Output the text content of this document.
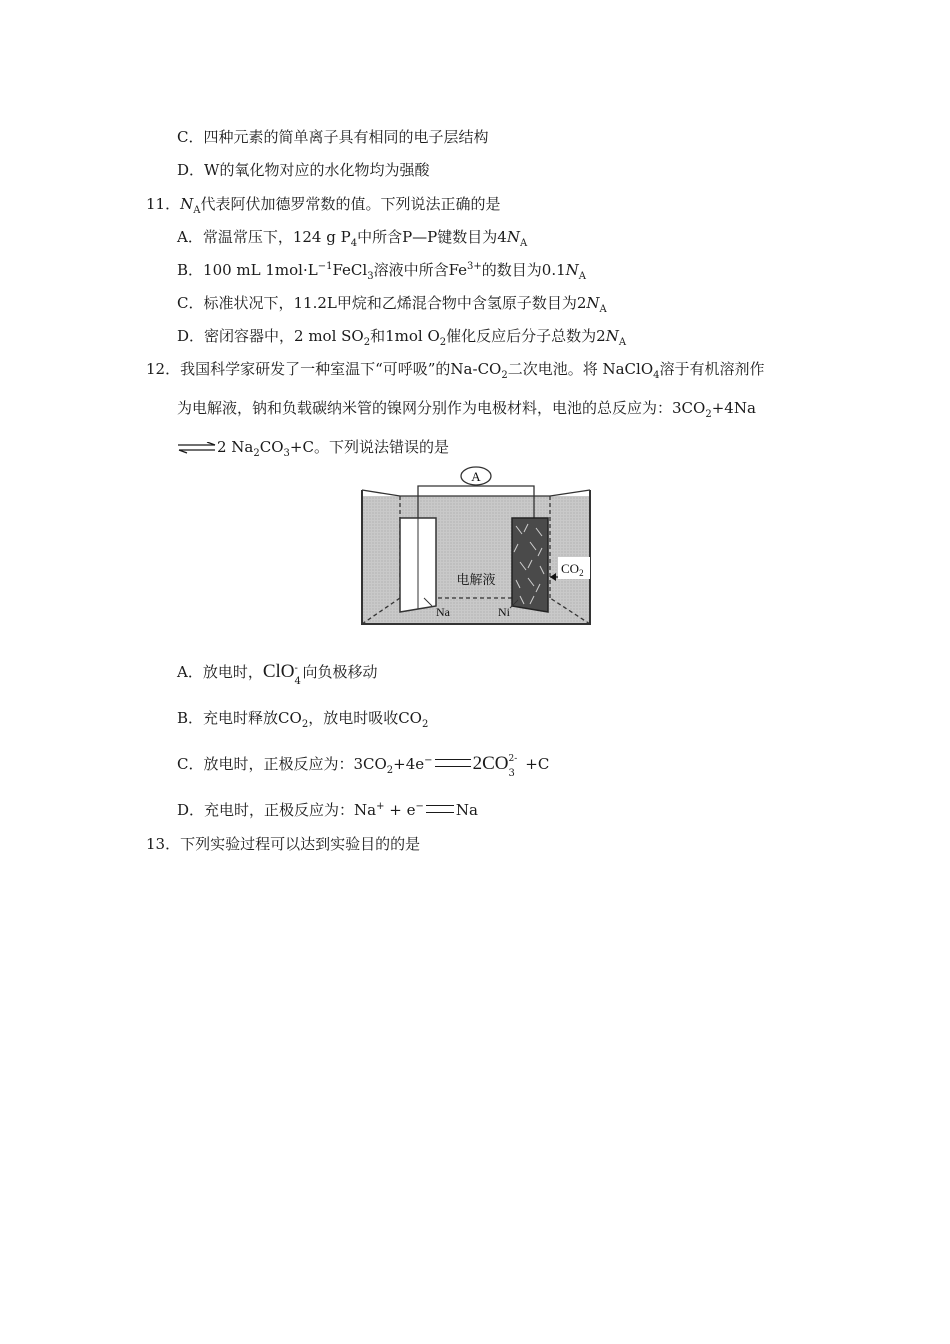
C．四种元素的简单离子具有相同的电子层结构
D．W的氧化物对应的水化物均为强酸
11．$N_A$代表阿伏加德罗常数的值。下列说法正确的是
A．常温常压下，124 g $P_4$中所含P—P键数目为$4N_A$
B．100 mL $1mol\cdot L^{-1}FeCl_3$溶液中所含$Fe^{3+}$的数目为$0.1N_A$
C．标准状况下，11.2L甲烷和乙烯混合物中含氢原子数目为$2N_A$
D．密闭容器中，2 mol $SO_2$和1mol $O_2$催化反应后分子总数为$2N_A$
12．我国科学家研发了一种室温下“可呼吸”的$Na-CO_2$二次电池。将 NaClO$_4$溶于有机溶剂作
为电解液，钠和负载碳纳米管的镍网分别作为电极材料，电池的总反应为：$3CO_2+4Na$
⇌2 $Na_2CO_3+C$。下列说法错误的是
A
电解液
Na	Ni
$CO_2$
A．放电时，ClO -
4
向负极移动
B．充电时释放$CO_2$，放电时吸收$CO_2$
C．放电时，正极反应为：$3CO_2+4e^-$ 2CO 2-
3
+C
D．充电时，正极反应为：Na+ + e− Na
13．下列实验过程可以达到实验目的的是
